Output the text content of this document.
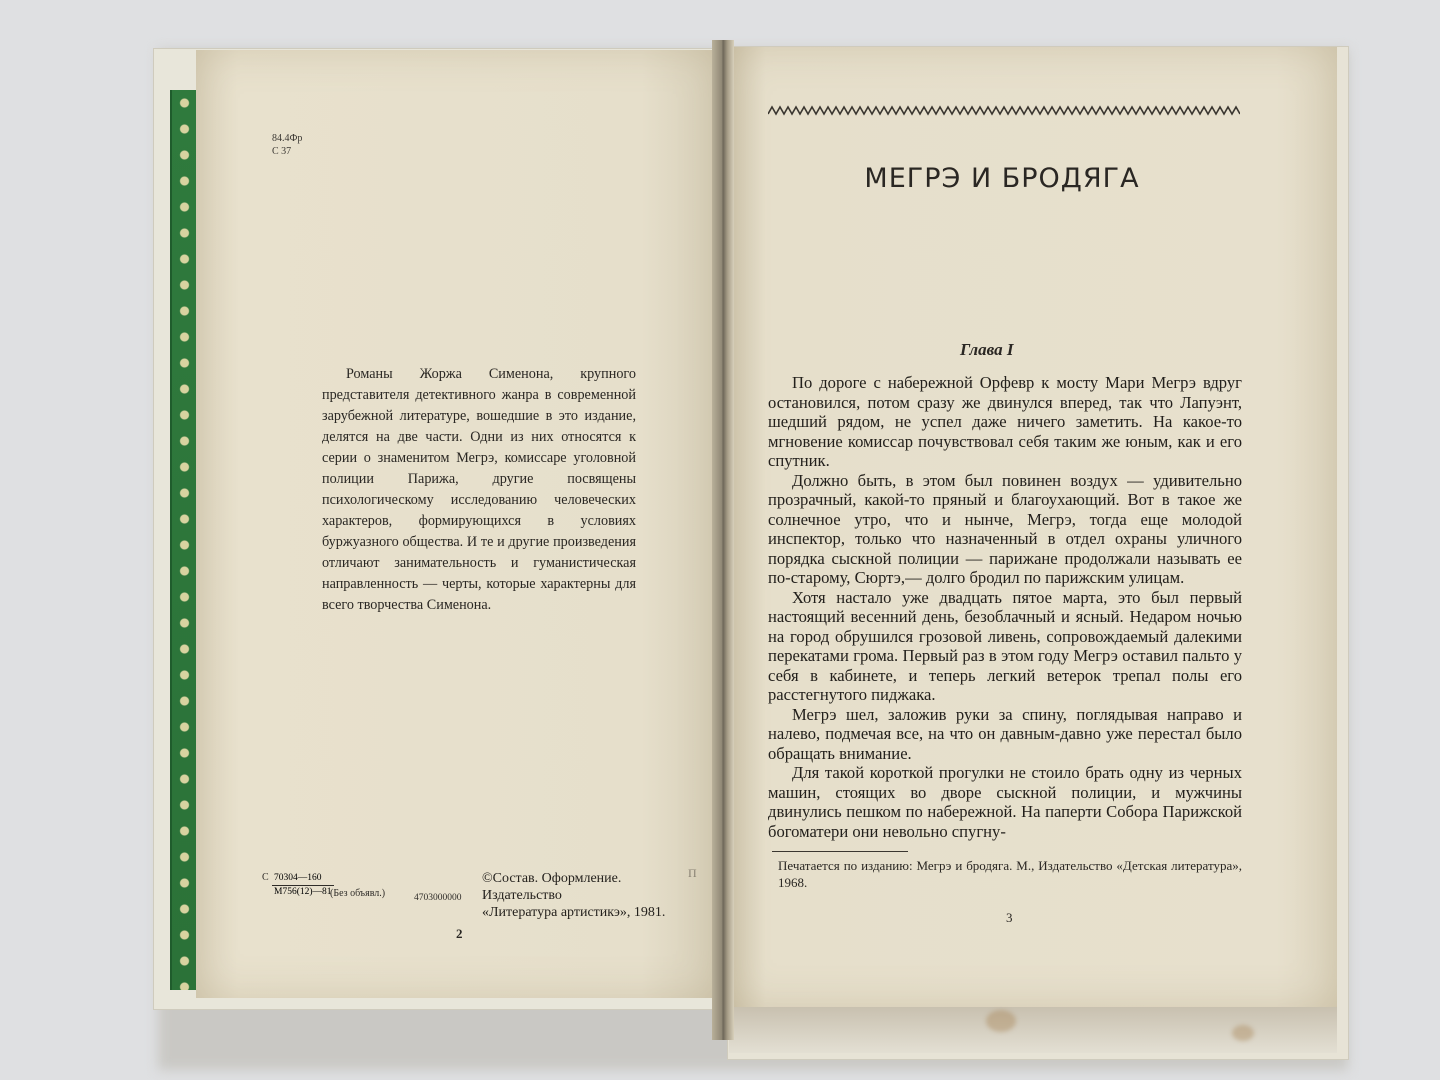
84.4Фр
С 37

Романы Жоржа Сименона, крупного представителя детективного жанра в современной зарубежной литературе, вошедшие в это издание, делятся на две части. Одни из них относятся к серии о знаменитом Мегрэ, комиссаре уголовной полиции Парижа, другие посвящены психологическому исследованию человеческих характеров, формирующихся в условиях буржуазного общества. И те и другие произведения отличают занимательность и гуманистическая направленность — черты, которые характерны для всего творчества Сименона.

С 70304—160
М756(12)—81
(Без объявл.)	4703000000
©Состав. Оформление.
Издательство
«Литература артистикэ», 1981.
П
2
МЕГРЭ И БРОДЯГА
Глава I

По дороге с набережной Орфевр к мосту Мари Мегрэ вдруг остановился, потом сразу же двинулся вперед, так что Лапуэнт, шедший рядом, не успел даже ничего заметить. На какое-то мгновение комиссар почувствовал себя таким же юным, как и его спутник.

Должно быть, в этом был повинен воздух — удивительно прозрачный, какой-то пряный и благоухающий. Вот в такое же солнечное утро, что и нынче, Мегрэ, тогда еще молодой инспектор, только что назначенный в отдел охраны уличного порядка сыскной полиции — парижане продолжали называть ее по-старому, Сюртэ,— долго бродил по парижским улицам.

Хотя настало уже двадцать пятое марта, это был первый настоящий весенний день, безоблачный и ясный. Недаром ночью на город обрушился грозовой ливень, сопровождаемый далекими перекатами грома. Первый раз в этом году Мегрэ оставил пальто у себя в кабинете, и теперь легкий ветерок трепал полы его расстегнутого пиджака.

Мегрэ шел, заложив руки за спину, поглядывая направо и налево, подмечая все, на что он давным-давно уже перестал было обращать внимание.

Для такой короткой прогулки не стоило брать одну из черных машин, стоящих во дворе сыскной полиции, и мужчины двинулись пешком по набережной. На паперти Собора Парижской богоматери они невольно спугну-

Печатается по изданию: Мегрэ и бродяга. М., Издательство «Детская литература», 1968.

3
